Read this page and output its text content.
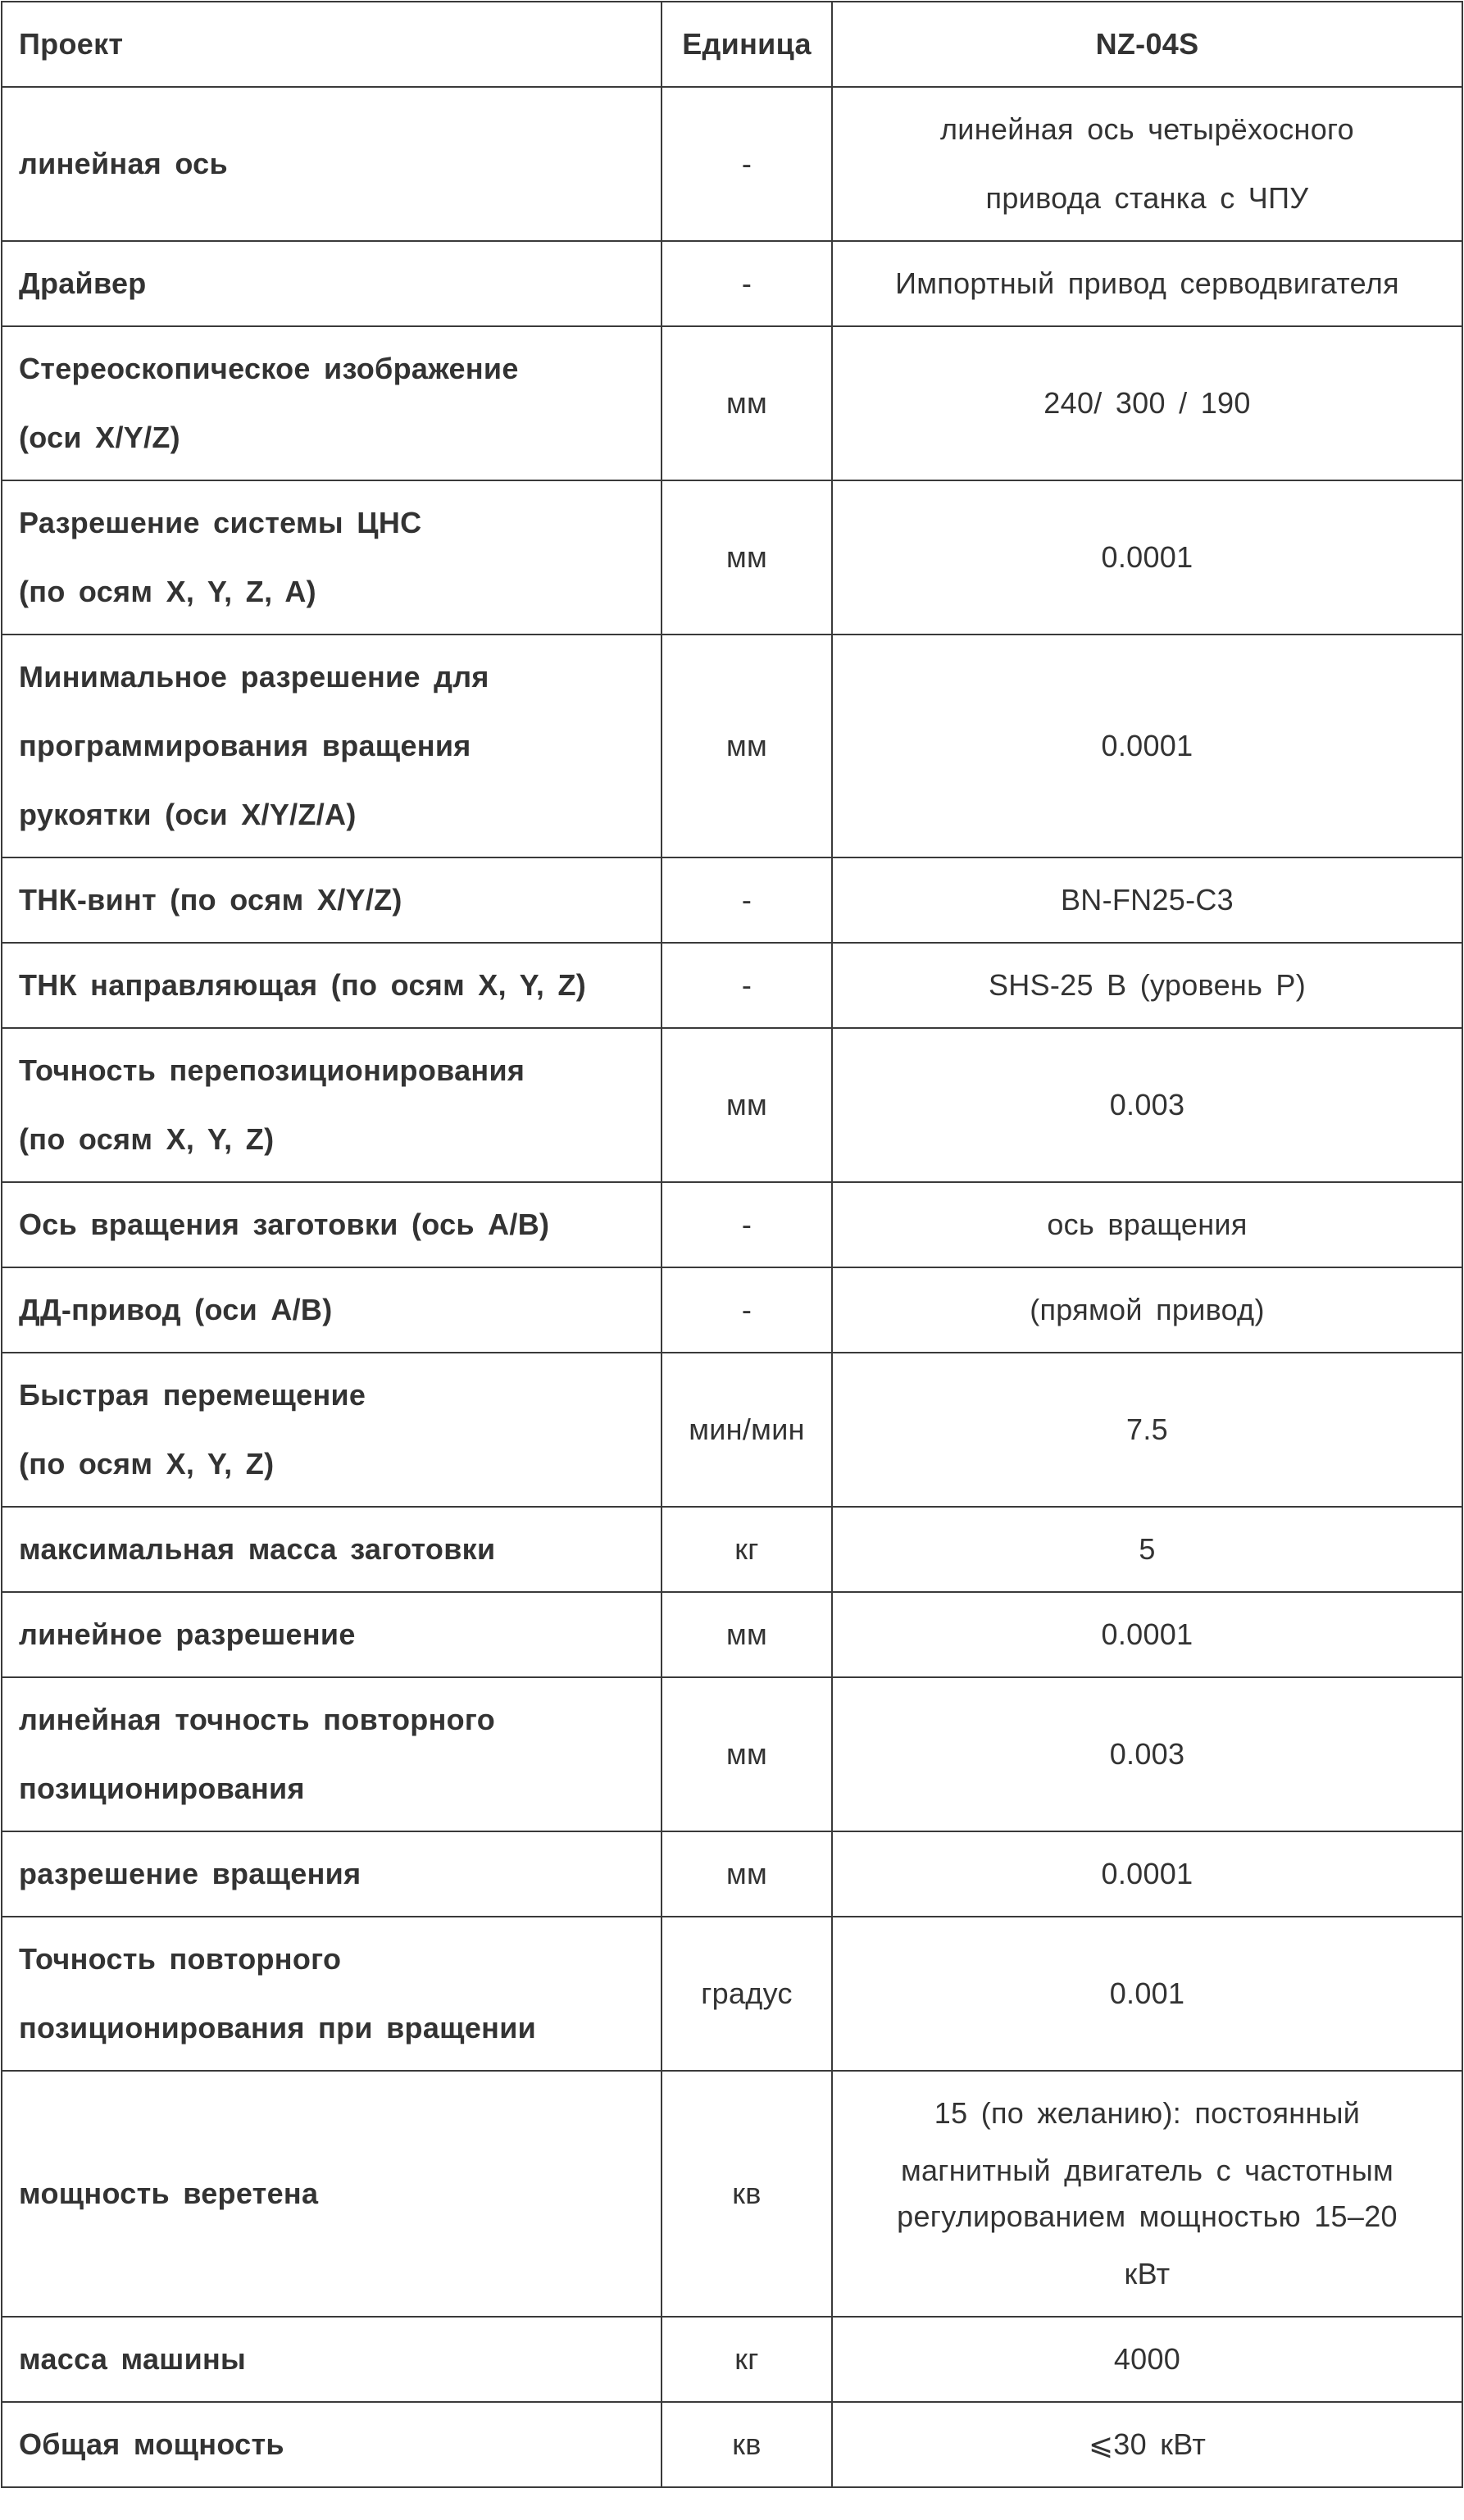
Проект	Единица	NZ-04S

линейная ось	-	линейная ось четырёхосного
привода станка с ЧПУ

Драйвер	-	Импортный привод серводвигателя

Стереоскопическое изображение
(оси X/Y/Z)	мм	240/ 300 / 190

Разрешение системы ЦНС
(по осям X, Y, Z, A)	мм	0.0001

Минимальное разрешение для
программирования вращения
рукоятки (оси X/Y/Z/A)	мм	0.0001

ТНК-винт (по осям X/Y/Z)	-	BN-FN25-C3

ТНК направляющая (по осям X, Y, Z)	-	SHS-25 B (уровень P)

Точность перепозиционирования
(по осям X, Y, Z)	мм	0.003

Ось вращения заготовки (ось A/B)	-	ось вращения

ДД-привод (оси A/B)	-	(прямой привод)

Быстрая перемещение
(по осям X, Y, Z)	мин/мин	7.5

максимальная масса заготовки	кг	5

линейное разрешение	мм	0.0001

линейная точность повторного
позиционирования	мм	0.003

разрешение вращения	мм	0.0001

Точность повторного
позиционирования при вращении	градус	0.001

мощность веретена	кв	15 (по желанию): постоянный
магнитный двигатель с частотным
регулированием мощностью 15–20
кВт

масса машины	кг	4000

Общая мощность	кв	⩽30 кВт
